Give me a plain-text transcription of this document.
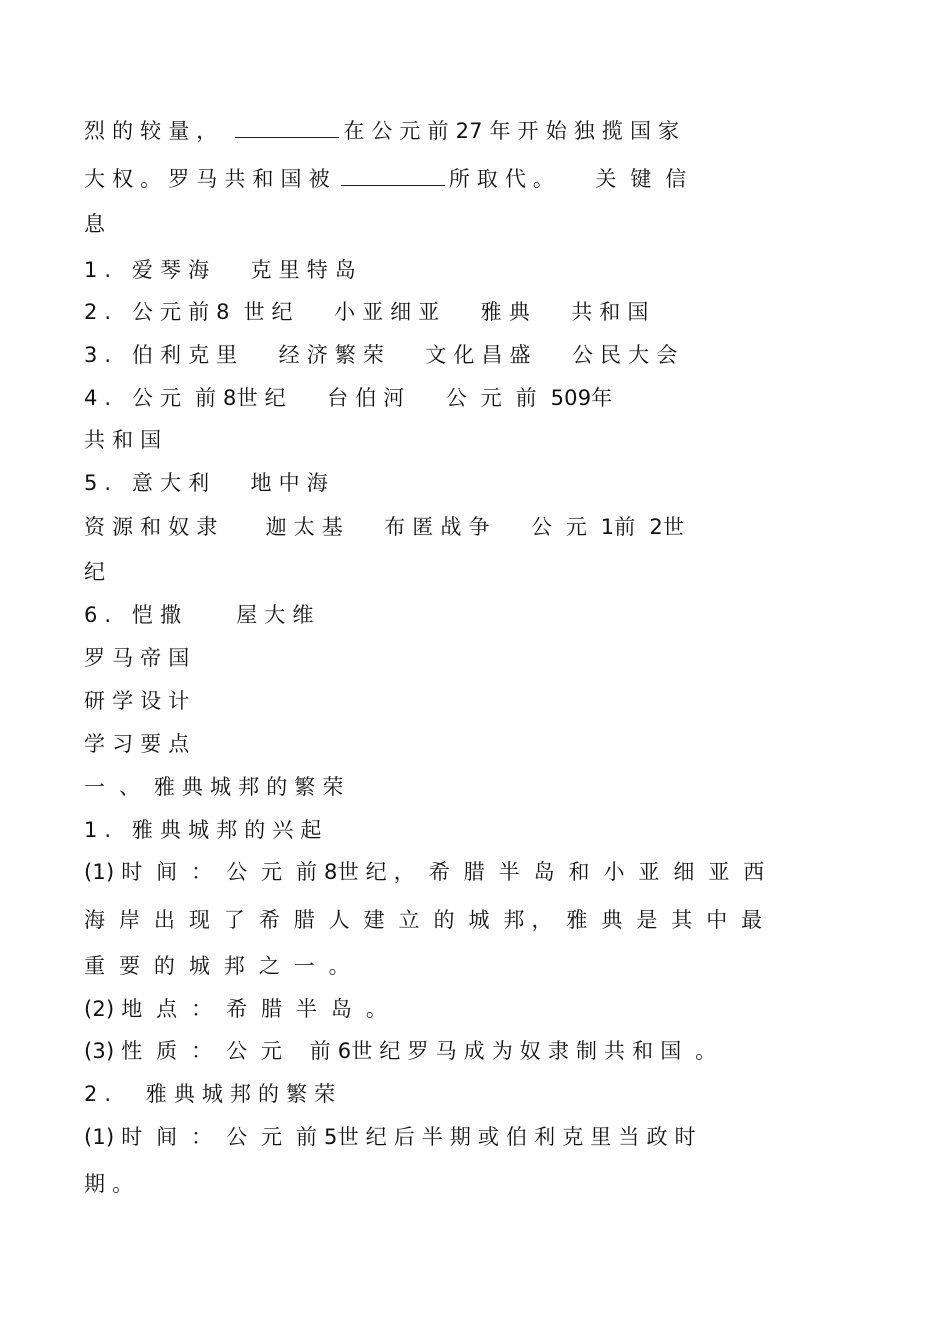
烈 的 较 量 ，	在 公 元 前 27 年 开 始 独 揽 国 家
大 权 。 罗 马 共 和 国 被	所 取 代 。      关  键  信
息
1 .   爱 琴 海      克 里 特 岛
2 .   公 元 前 8  世 纪      小 亚 细 亚      雅 典      共 和 国
3 .   伯 利 克 里      经 济 繁 荣      文 化 昌 盛      公 民 大 会
4 .   公 元  前 8世 纪      台 伯 河      公  元  前  509年
共 和 国
5 .   意 大 利      地 中 海
资 源 和 奴 隶       迦 太 基      布 匿 战 争      公  元  1前  2世
纪
6 .   恺 撒        屋 大 维
罗 马 帝 国
研 学 设 计
学 习 要 点
一  、  雅 典 城 邦 的 繁 荣
1 .   雅 典 城 邦 的 兴 起
(1) 时  间  ：  公  元  前 8世 纪 ，  希  腊  半  岛  和  小  亚  细  亚  西
海  岸  出  现  了  希  腊  人  建  立  的  城  邦 ，  雅  典  是  其  中  最
重  要  的  城  邦  之  一  。
(2) 地  点  ：  希  腊  半  岛  。
(3) 性  质  ：  公  元    前 6世 纪 罗 马 成 为 奴 隶 制 共 和 国  。
2 .     雅 典 城 邦 的 繁 荣
(1) 时  间  ：  公  元  前 5世 纪 后 半 期 或 伯 利 克 里 当 政 时
期 。
